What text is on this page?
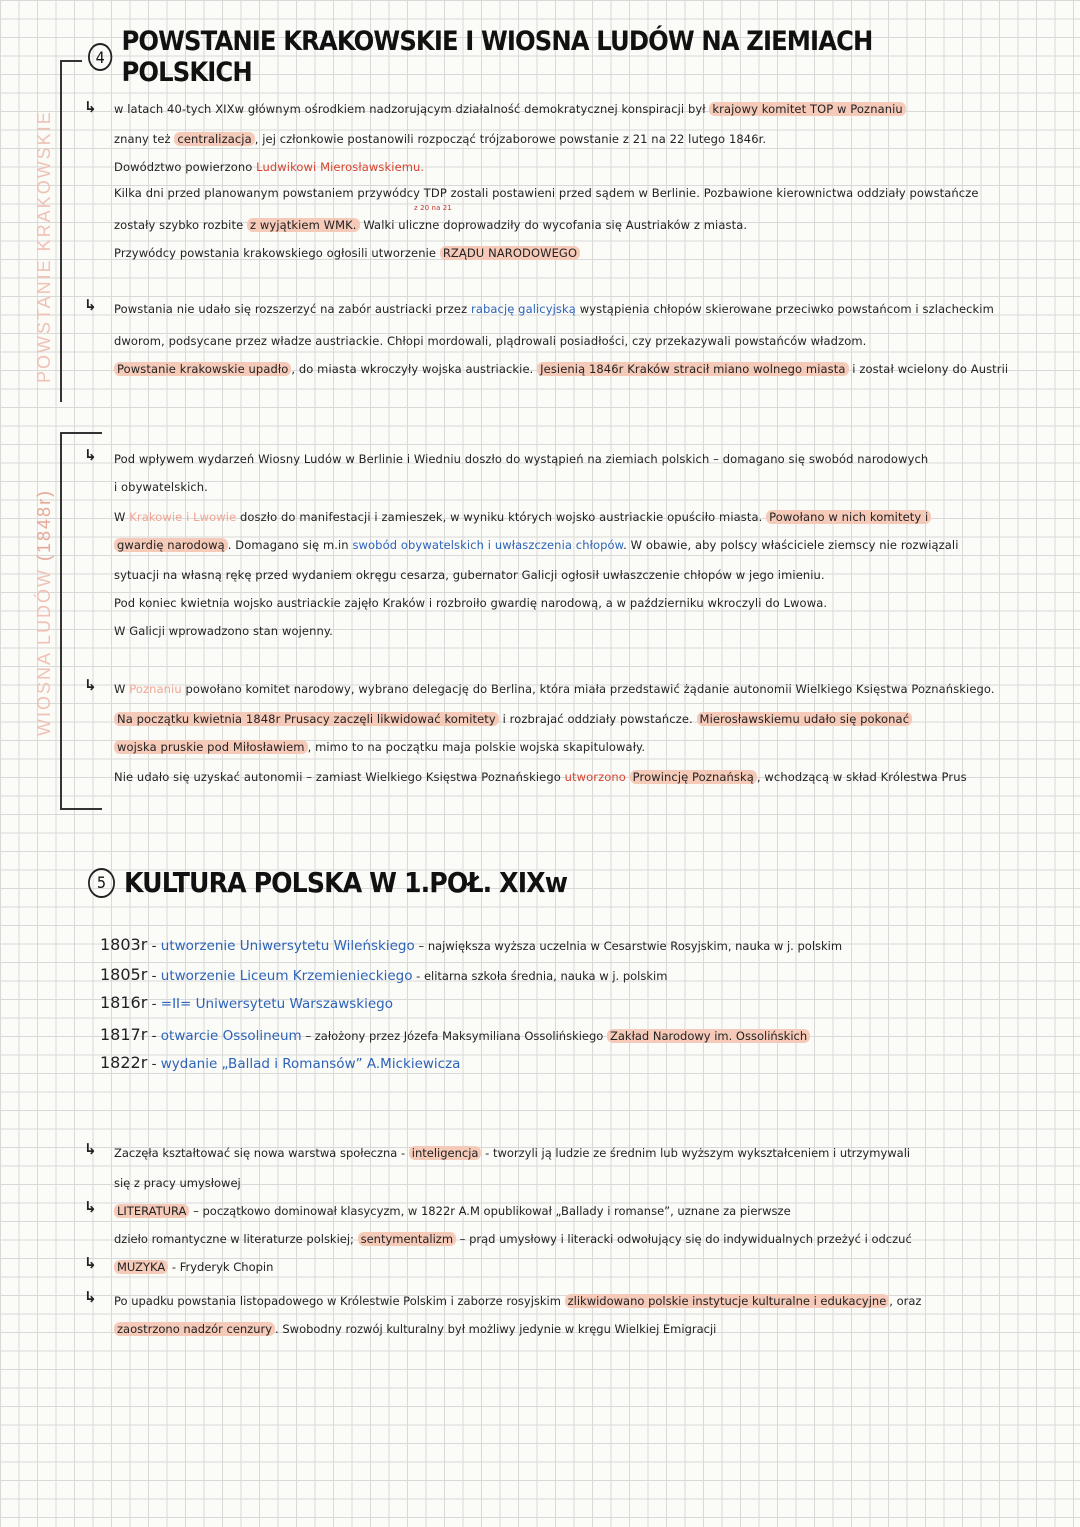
4 POWSTANIE KRAKOWSKIE I WIOSNA LUDÓW NA ZIEMIACH POLSKICH
POWSTANIE KRAKOWSKIE
WIOSNA LUDÓW (1848r)
↳ w latach 40-tych XIXw głównym ośrodkiem nadzorującym działalność demokratycznej konspiracji był krajowy komitet TOP w Poznaniu
znany też centralizacja , jej członkowie postanowili rozpocząć trójzaborowe powstanie z 21 na 22 lutego 1846r.
Dowództwo powierzono Ludwikowi Mierosławskiemu.
Kilka dni przed planowanym powstaniem przywódcy TDP zostali postawieni przed sądem w Berlinie. Pozbawione kierownictwa oddziały powstańcze
z 20 na 21
zostały szybko rozbite z wyjątkiem WMK. Walki uliczne doprowadziły do wycofania się Austriaków z miasta.
Przywódcy powstania krakowskiego ogłosili utworzenie RZĄDU NARODOWEGO
↳ Powstania nie udało się rozszerzyć na zabór austriacki przez rabację galicyjską wystąpienia chłopów skierowane przeciwko powstańcom i szlacheckim
dworom, podsycane przez władze austriackie. Chłopi mordowali, plądrowali posiadłości, czy przekazywali powstańców władzom.
Powstanie krakowskie upadło , do miasta wkroczyły wojska austriackie. Jesienią 1846r Kraków stracił miano wolnego miasta i został wcielony do Austrii
↳ Pod wpływem wydarzeń Wiosny Ludów w Berlinie i Wiedniu doszło do wystąpień na ziemiach polskich – domagano się swobód narodowych
i obywatelskich.
W Krakowie i Lwowie doszło do manifestacji i zamieszek, w wyniku których wojsko austriackie opuściło miasta. Powołano w nich komitety i
gwardię narodową . Domagano się m.in swobód obywatelskich i uwłaszczenia chłopów. W obawie, aby polscy właściciele ziemscy nie rozwiązali
sytuacji na własną rękę przed wydaniem okręgu cesarza, gubernator Galicji ogłosił uwłaszczenie chłopów w jego imieniu.
Pod koniec kwietnia wojsko austriackie zajęło Kraków i rozbroiło gwardię narodową, a w październiku wkroczyli do Lwowa.
W Galicji wprowadzono stan wojenny.
↳ W Poznaniu powołano komitet narodowy, wybrano delegację do Berlina, która miała przedstawić żądanie autonomii Wielkiego Księstwa Poznańskiego.
Na początku kwietnia 1848r Prusacy zaczęli likwidować komitety i rozbrajać oddziały powstańcze. Mierosławskiemu udało się pokonać
wojska pruskie pod Miłosławiem , mimo to na początku maja polskie wojska skapitulowały.
Nie udało się uzyskać autonomii – zamiast Wielkiego Księstwa Poznańskiego utworzono Prowincję Poznańską , wchodzącą w skład Królestwa Prus
5 KULTURA POLSKA W 1.POŁ. XIXw
1803r - utworzenie Uniwersytetu Wileńskiego – największa wyższa uczelnia w Cesarstwie Rosyjskim, nauka w j. polskim
1805r - utworzenie Liceum Krzemienieckiego - elitarna szkoła średnia, nauka w j. polskim
1816r - =II= Uniwersytetu Warszawskiego
1817r - otwarcie Ossolineum – założony przez Józefa Maksymiliana Ossolińskiego Zakład Narodowy im. Ossolińskich
1822r - wydanie „Ballad i Romansów” A.Mickiewicza
↳ Zaczęła kształtować się nowa warstwa społeczna - inteligencja - tworzyli ją ludzie ze średnim lub wyższym wykształceniem i utrzymywali
się z pracy umysłowej
↳ LITERATURA – początkowo dominował klasycyzm, w 1822r A.M opublikował „Ballady i romanse”, uznane za pierwsze
dzieło romantyczne w literaturze polskiej; sentymentalizm – prąd umysłowy i literacki odwołujący się do indywidualnych przeżyć i odczuć
↳ MUZYKA - Fryderyk Chopin
↳ Po upadku powstania listopadowego w Królestwie Polskim i zaborze rosyjskim zlikwidowano polskie instytucje kulturalne i edukacyjne , oraz
zaostrzono nadzór cenzury . Swobodny rozwój kulturalny był możliwy jedynie w kręgu Wielkiej Emigracji
